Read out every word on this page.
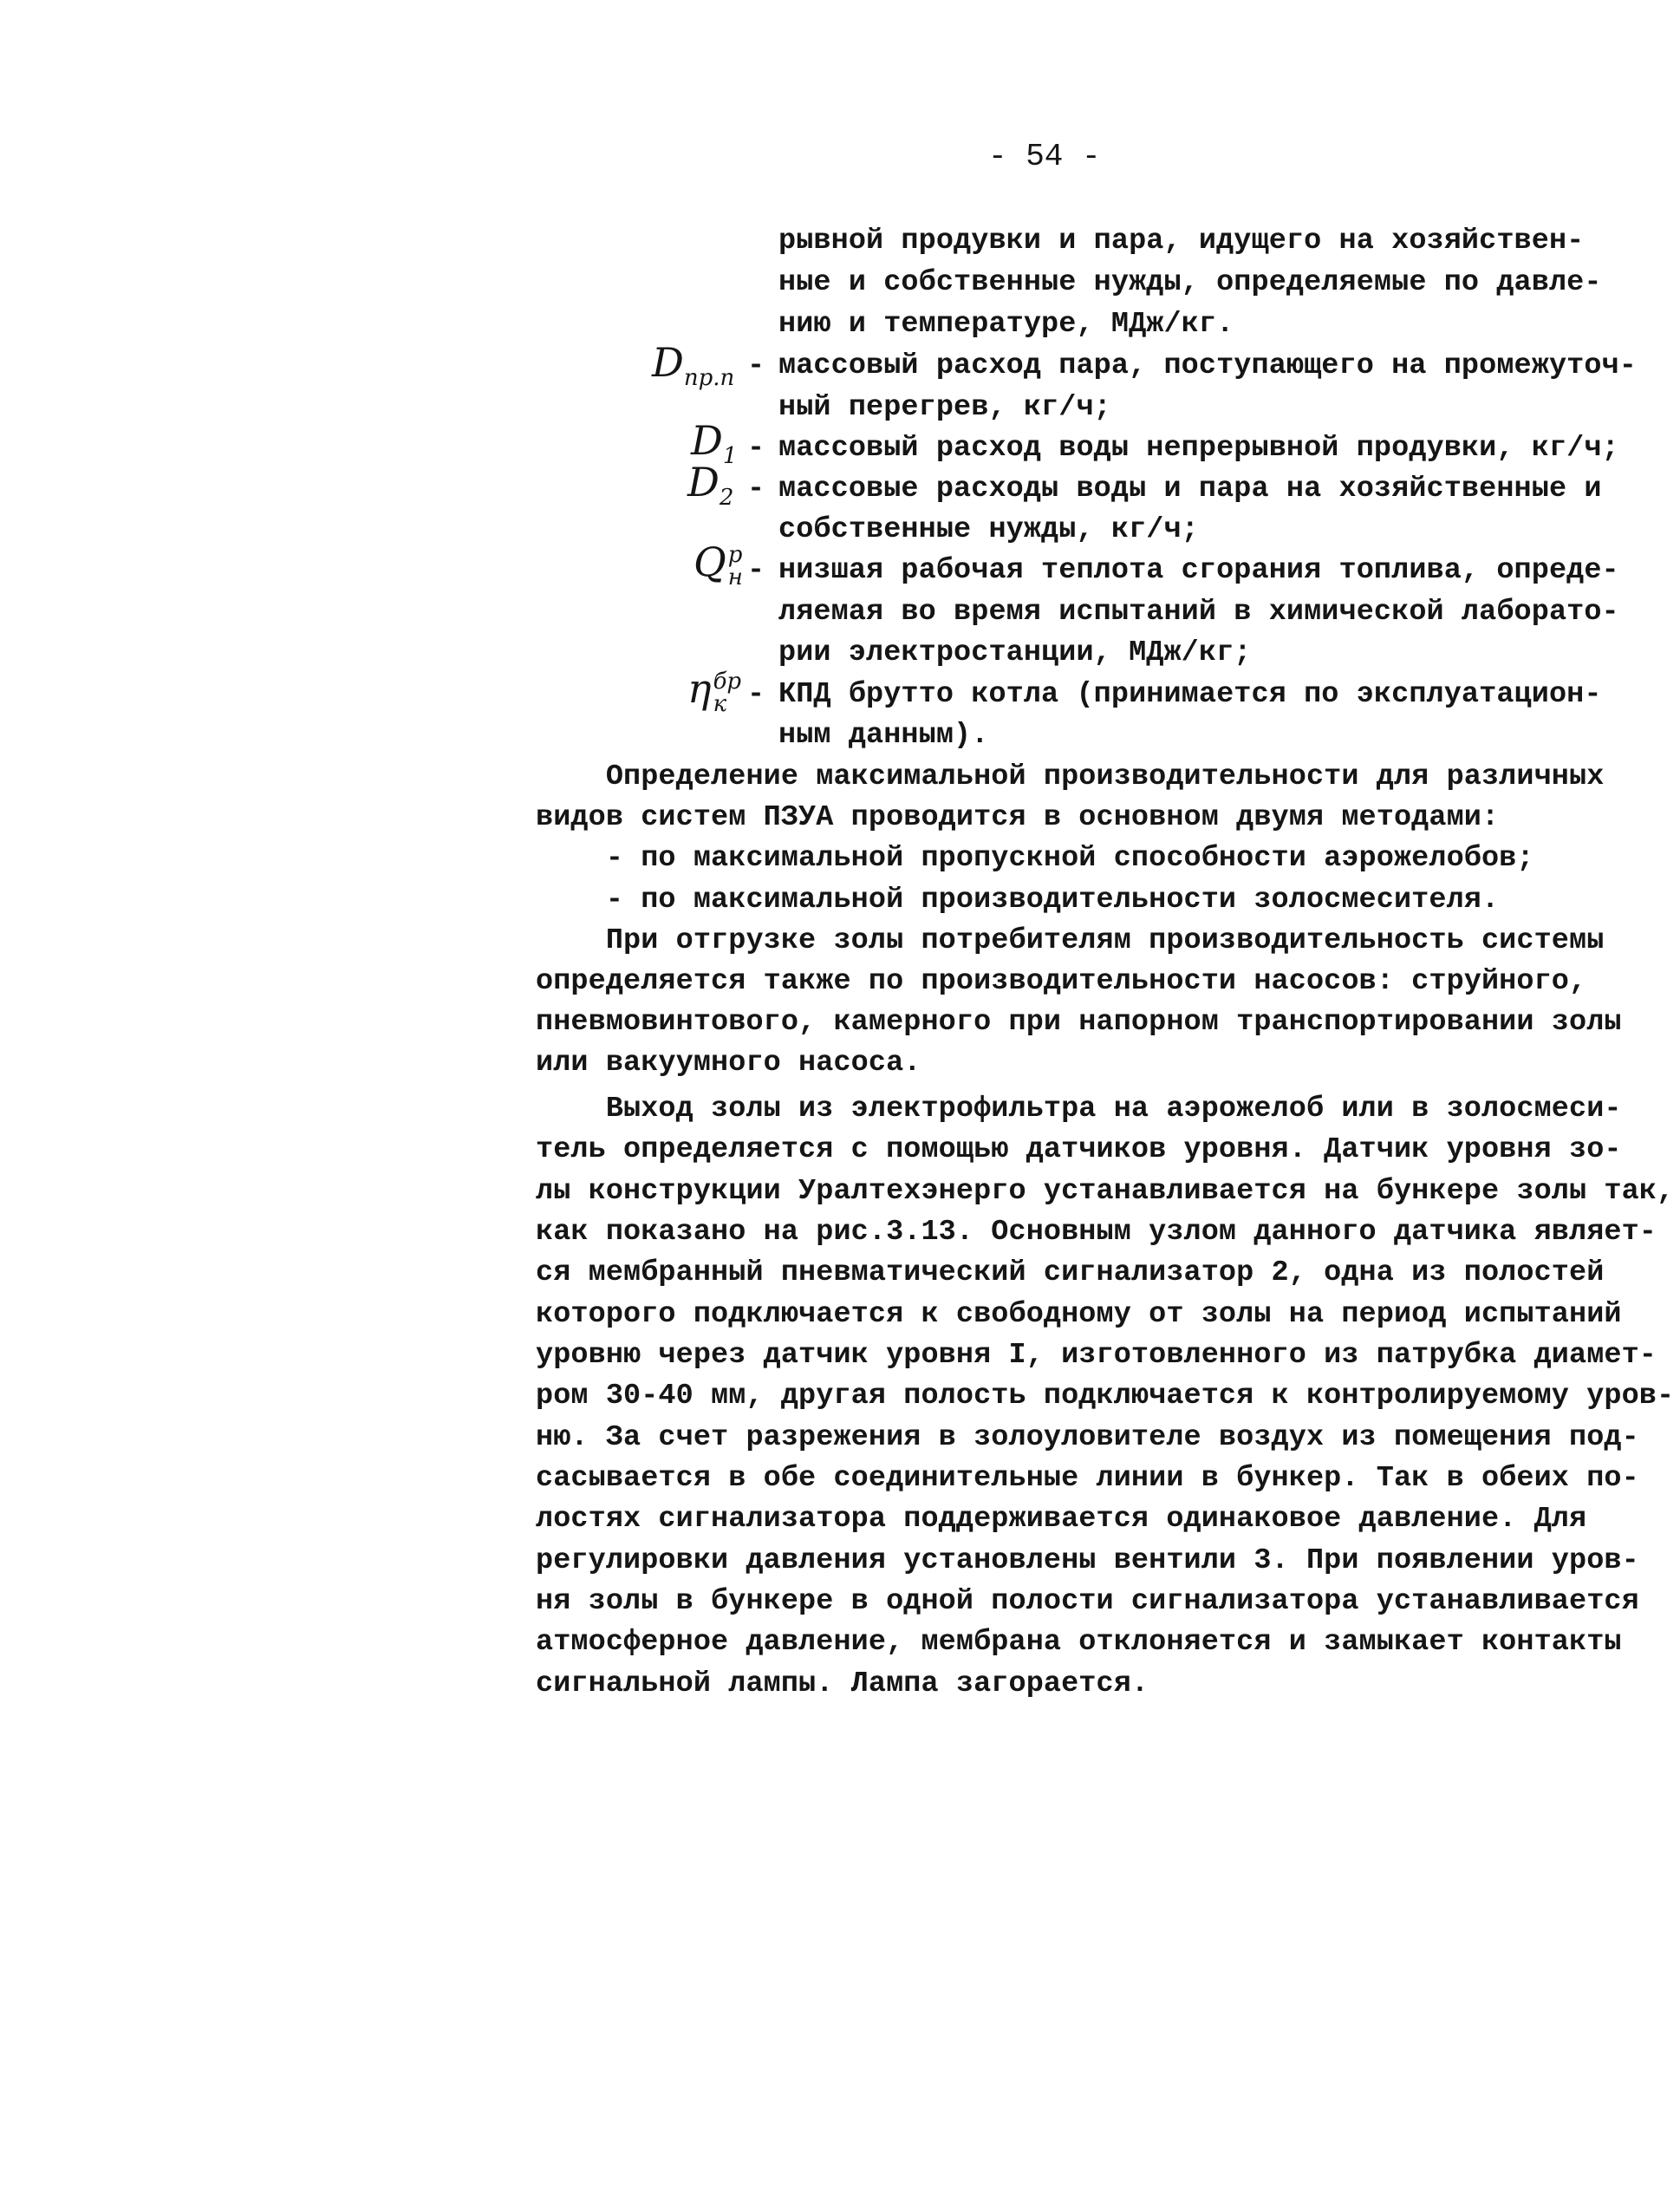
- 54 -
рывной продувки и пара, идущего на хозяйствен-
ные и собственные нужды, определяемые по давле-
нию и температуре, МДж/кг.
$D_{пр.п}$ - массовый расход пара, поступающего на промежуточ-
ный перегрев, кг/ч;
$D_1$ - массовый расход воды непрерывной продувки, кг/ч;
$D_2$ - массовые расходы воды и пара на хозяйственные и
собственные нужды, кг/ч;
Q р
н - низшая рабочая теплота сгорания топлива, опреде-
ляемая во время испытаний в химической лаборато-
рии электростанции, МДж/кг;
η бр
к - КПД брутто котла (принимается по эксплуатацион-
ным данным).
Определение максимальной производительности для различных
видов систем ПЗУА проводится в основном двумя методами:
- по максимальной пропускной способности аэрожелобов;
- по максимальной производительности золосмесителя.
При отгрузке золы потребителям производительность системы
определяется также по производительности насосов: струйного,
пневмовинтового, камерного при напорном транспортировании золы
или вакуумного насоса.
Выход золы из электрофильтра на аэрожелоб или в золосмеси-
тель определяется с помощью датчиков уровня. Датчик уровня зо-
лы конструкции Уралтехэнерго устанавливается на бункере золы так,
как показано на рис.3.13. Основным узлом данного датчика являет-
ся мембранный пневматический сигнализатор 2, одна из полостей
которого подключается к свободному от золы на период испытаний
уровню через датчик уровня I, изготовленного из патрубка диамет-
ром 30-40 мм, другая полость подключается к контролируемому уров-
ню. За счет разрежения в золоуловителе воздух из помещения под-
сасывается в обе соединительные линии в бункер. Так в обеих по-
лостях сигнализатора поддерживается одинаковое давление. Для
регулировки давления установлены вентили 3. При появлении уров-
ня золы в бункере в одной полости сигнализатора устанавливается
атмосферное давление, мембрана отклоняется и замыкает контакты
сигнальной лампы. Лампа загорается.
